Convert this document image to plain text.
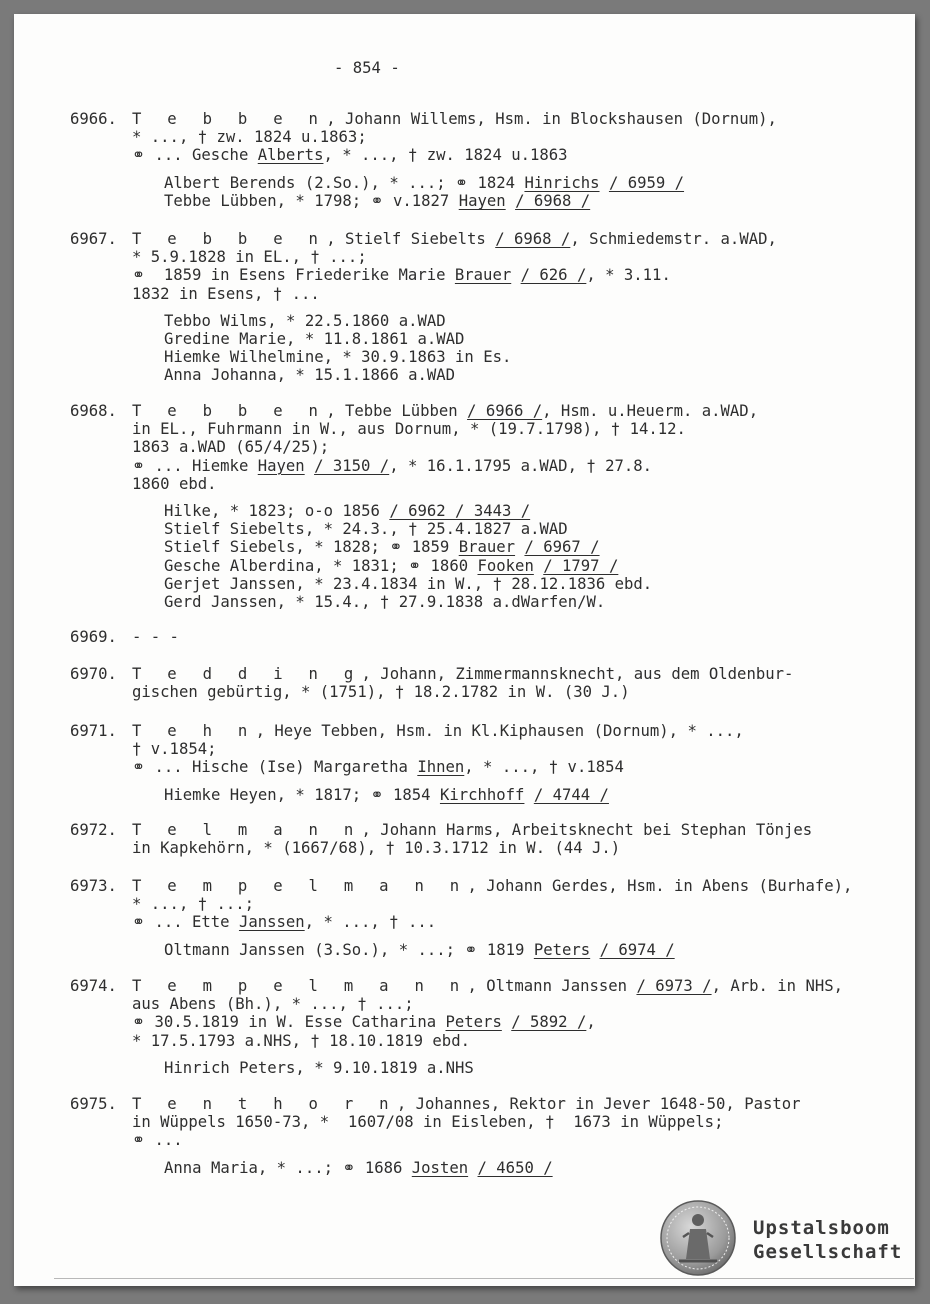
- 854 -
6966. T e b b e n, Johann Willems, Hsm. in Blockshausen (Dornum),
* ..., † zw. 1824 u.1863;
⚭ ... Gesche Alberts, * ..., † zw. 1824 u.1863
Albert Berends (2.So.), * ...; ⚭ 1824 Hinrichs / 6959 /
Tebbe Lübben, * 1798; ⚭ v.1827 Hayen / 6968 /
6967. T e b b e n, Stielf Siebelts / 6968 /, Schmiedemstr. a.WAD,
* 5.9.1828 in EL., † ...;
⚭  1859 in Esens Friederike Marie Brauer / 626 /, * 3.11.
1832 in Esens, † ...
Tebbo Wilms, * 22.5.1860 a.WAD
Gredine Marie, * 11.8.1861 a.WAD
Hiemke Wilhelmine, * 30.9.1863 in Es.
Anna Johanna, * 15.1.1866 a.WAD
6968. T e b b e n, Tebbe Lübben / 6966 /, Hsm. u.Heuerm. a.WAD,
in EL., Fuhrmann in W., aus Dornum, * (19.7.1798), † 14.12.
1863 a.WAD (65/4/25);
⚭ ... Hiemke Hayen / 3150 /, * 16.1.1795 a.WAD, † 27.8.
1860 ebd.
Hilke, * 1823; o-o 1856 / 6962 / 3443 /
Stielf Siebelts, * 24.3., † 25.4.1827 a.WAD
Stielf Siebels, * 1828; ⚭ 1859 Brauer / 6967 /
Gesche Alberdina, * 1831; ⚭ 1860 Fooken / 1797 /
Gerjet Janssen, * 23.4.1834 in W., † 28.12.1836 ebd.
Gerd Janssen, * 15.4., † 27.9.1838 a.dWarfen/W.
6969. - - -
6970. T e d d i n g, Johann, Zimmermannsknecht, aus dem Oldenbur-
gischen gebürtig, * (1751), † 18.2.1782 in W. (30 J.)
6971. T e h n, Heye Tebben, Hsm. in Kl.Kiphausen (Dornum), * ...,
† v.1854;
⚭ ... Hische (Ise) Margaretha Ihnen, * ..., † v.1854
Hiemke Heyen, * 1817; ⚭ 1854 Kirchhoff / 4744 /
6972. T e l m a n n, Johann Harms, Arbeitsknecht bei Stephan Tönjes
in Kapkehörn, * (1667/68), † 10.3.1712 in W. (44 J.)
6973. T e m p e l m a n n, Johann Gerdes, Hsm. in Abens (Burhafe),
* ..., † ...;
⚭ ... Ette Janssen, * ..., † ...
Oltmann Janssen (3.So.), * ...; ⚭ 1819 Peters / 6974 /
6974. T e m p e l m a n n, Oltmann Janssen / 6973 /, Arb. in NHS,
aus Abens (Bh.), * ..., † ...;
⚭ 30.5.1819 in W. Esse Catharina Peters / 5892 /,
* 17.5.1793 a.NHS, † 18.10.1819 ebd.
Hinrich Peters, * 9.10.1819 a.NHS
6975. T e n t h o r n, Johannes, Rektor in Jever 1648-50, Pastor
in Wüppels 1650-73, *  1607/08 in Eisleben, †  1673 in Wüppels;
⚭ ...
Anna Maria, * ...; ⚭ 1686 Josten / 4650 /
Upstalsboom
Gesellschaft
